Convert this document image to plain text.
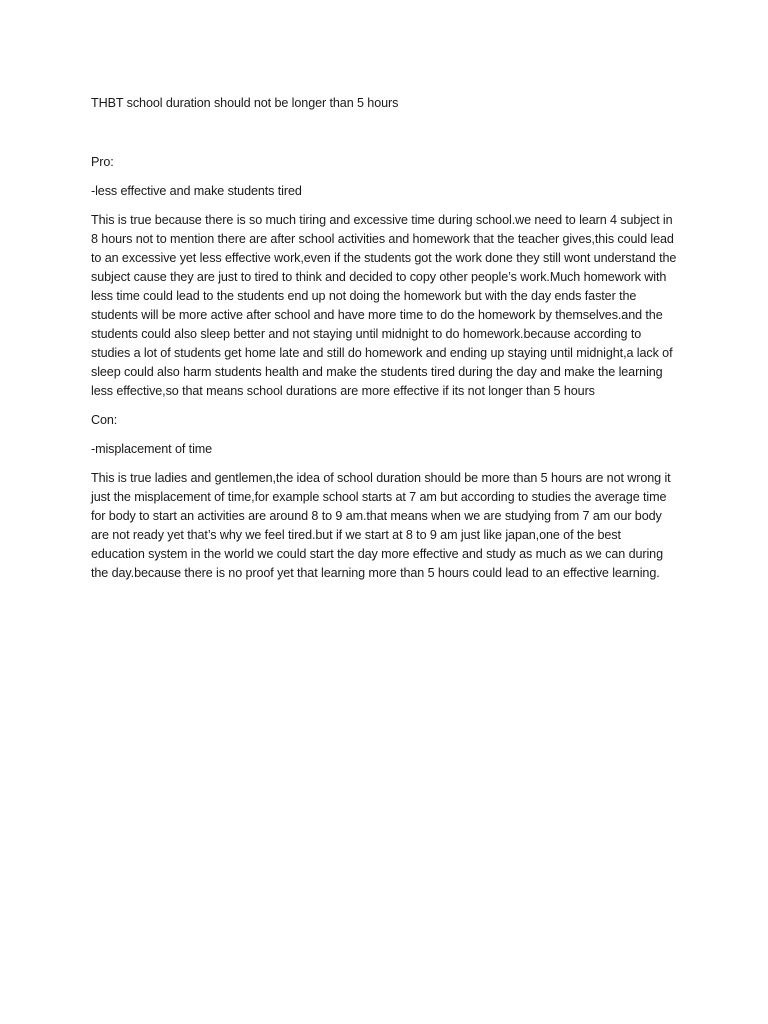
THBT school duration should not be longer than 5 hours

Pro:

-less effective and make students tired

This is true because there is so much tiring and excessive time during school.we need to learn 4 subject in 8 hours not to mention there are after school activities and homework that the teacher gives,this could lead to an excessive yet less effective work,even if the students got the work done they still wont understand the subject cause they are just to tired to think and decided to copy other people’s work.Much homework with less time could lead to the students end up not doing the homework but with the day ends faster the students will be more active after school and have more time to do the homework by themselves.and the students could also sleep better and not staying until midnight to do homework.because according to studies a lot of students get home late and still do homework and ending up staying until midnight,a lack of sleep could also harm students health and make the students tired during the day and make the learning less effective,so that means school durations are more effective if its not longer than 5 hours

Con:

-misplacement of time

This is true ladies and gentlemen,the idea of school duration should be more than 5 hours are not wrong it just the misplacement of time,for example school starts at 7 am but according to studies the average time for body to start an activities are around 8 to 9 am.that means when we are studying from 7 am our body are not ready yet that’s why we feel tired.but if we start at 8 to 9 am just like japan,one of the best education system in the world we could start the day more effective and study as much as we can during the day.because there is no proof yet that learning more than 5 hours could lead to an effective learning.
